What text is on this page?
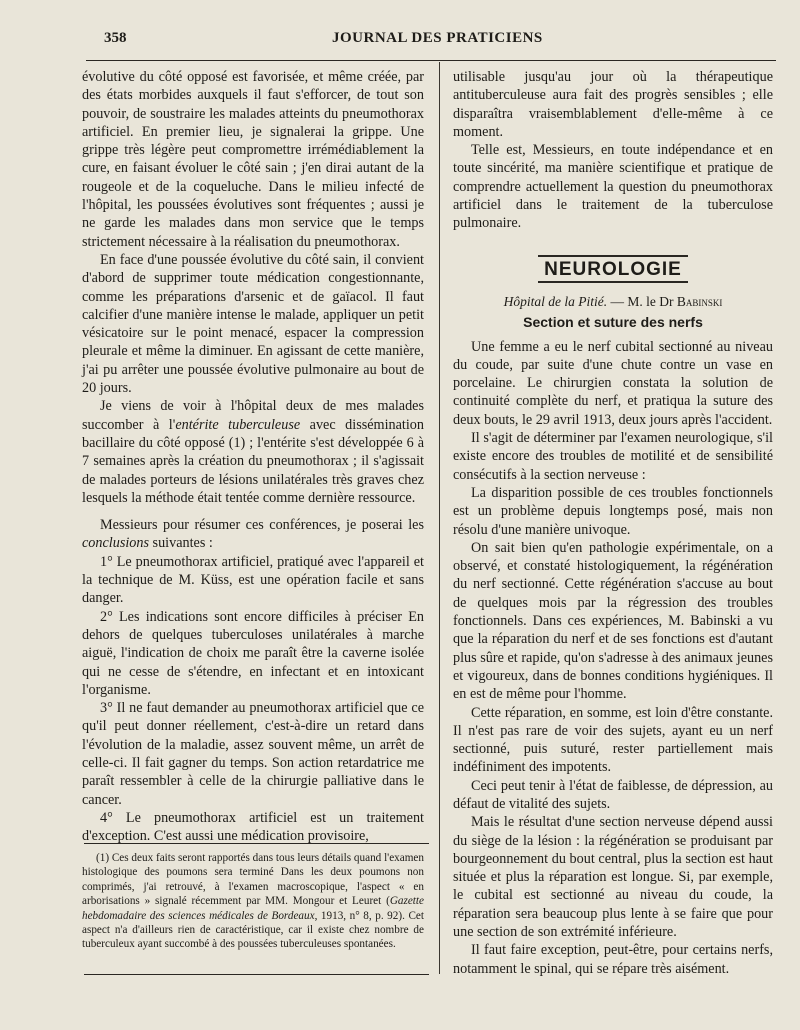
358	JOURNAL DES PRATICIENS

évolutive du côté opposé est favorisée, et même créée, par des états morbides auxquels il faut s'efforcer, de tout son pouvoir, de soustraire les malades atteints du pneumothorax artificiel. En premier lieu, je signalerai la grippe. Une grippe très légère peut compromettre irrémédiablement la cure, en faisant évoluer le côté sain ; j'en dirai autant de la rougeole et de la coqueluche. Dans le milieu infecté de l'hôpital, les poussées évolutives sont fréquentes ; aussi je ne garde les malades dans mon service que le temps strictement nécessaire à la réalisation du pneumothorax.

En face d'une poussée évolutive du côté sain, il convient d'abord de supprimer toute médication congestionnante, comme les préparations d'arsenic et de gaïacol. Il faut calcifier d'une manière intense le malade, appliquer un petit vésicatoire sur le point menacé, espacer la compression pleurale et même la diminuer. En agissant de cette manière, j'ai pu arrêter une poussée évolutive pulmonaire au bout de 20 jours.

Je viens de voir à l'hôpital deux de mes malades succomber à l'entérite tuberculeuse avec dissémination bacillaire du côté opposé (1) ; l'entérite s'est développée 6 à 7 semaines après la création du pneumothorax ; il s'agissait de malades porteurs de lésions unilatérales très graves chez lesquels la méthode était tentée comme dernière ressource.

Messieurs pour résumer ces conférences, je poserai les conclusions suivantes :

1° Le pneumothorax artificiel, pratiqué avec l'appareil et la technique de M. Küss, est une opération facile et sans danger.

2° Les indications sont encore difficiles à préciser En dehors de quelques tuberculoses unilatérales à marche aiguë, l'indication de choix me paraît être la caverne isolée qui ne cesse de s'étendre, en infectant et en intoxicant l'organisme.

3° Il ne faut demander au pneumothorax artificiel que ce qu'il peut donner réellement, c'est-à-dire un retard dans l'évolution de la maladie, assez souvent même, un arrêt de celle-ci. Il fait gagner du temps. Son action retardatrice me paraît ressembler à celle de la chirurgie palliative dans le cancer.

4° Le pneumothorax artificiel est un traitement d'exception. C'est aussi une médication provisoire,

(1) Ces deux faits seront rapportés dans tous leurs détails quand l'examen histologique des poumons sera terminé Dans les deux poumons non comprimés, j'ai retrouvé, à l'examen macroscopique, l'aspect « en arborisations » signalé récemment par MM. Mongour et Leuret (Gazette hebdomadaire des sciences médicales de Bordeaux, 1913, n° 8, p. 92). Cet aspect n'a d'ailleurs rien de caractéristique, car il existe chez nombre de tuberculeux ayant succombé à des poussées tuberculeuses spontanées.

utilisable jusqu'au jour où la thérapeutique antituberculeuse aura fait des progrès sensibles ; elle disparaîtra vraisemblablement d'elle-même à ce moment.

Telle est, Messieurs, en toute indépendance et en toute sincérité, ma manière scientifique et pratique de comprendre actuellement la question du pneumothorax artificiel dans le traitement de la tuberculose pulmonaire.

NEUROLOGIE
Hôpital de la Pitié. — M. le Dr Babinski
Section et suture des nerfs

Une femme a eu le nerf cubital sectionné au niveau du coude, par suite d'une chute contre un vase en porcelaine. Le chirurgien constata la solution de continuité complète du nerf, et pratiqua la suture des deux bouts, le 29 avril 1913, deux jours après l'accident.

Il s'agit de déterminer par l'examen neurologique, s'il existe encore des troubles de motilité et de sensibilité consécutifs à la section nerveuse :

La disparition possible de ces troubles fonctionnels est un problème depuis longtemps posé, mais non résolu d'une manière univoque.

On sait bien qu'en pathologie expérimentale, on a observé, et constaté histologiquement, la régénération du nerf sectionné. Cette régénération s'accuse au bout de quelques mois par la régression des troubles fonctionnels. Dans ces expériences, M. Babinski a vu que la réparation du nerf et de ses fonctions est d'autant plus sûre et rapide, qu'on s'adresse à des animaux jeunes et vigoureux, dans de bonnes conditions hygiéniques. Il en est de même pour l'homme.

Cette réparation, en somme, est loin d'être constante. Il n'est pas rare de voir des sujets, ayant eu un nerf sectionné, puis suturé, rester partiellement mais indéfiniment des impotents.

Ceci peut tenir à l'état de faiblesse, de dépression, au défaut de vitalité des sujets.

Mais le résultat d'une section nerveuse dépend aussi du siège de la lésion : la régénération se produisant par bourgeonnement du bout central, plus la section est haut située et plus la réparation est longue. Si, par exemple, le cubital est sectionné au niveau du coude, la réparation sera beaucoup plus lente à se faire que pour une section de son extrémité inférieure.

Il faut faire exception, peut-être, pour certains nerfs, notamment le spinal, qui se répare très aisément.
